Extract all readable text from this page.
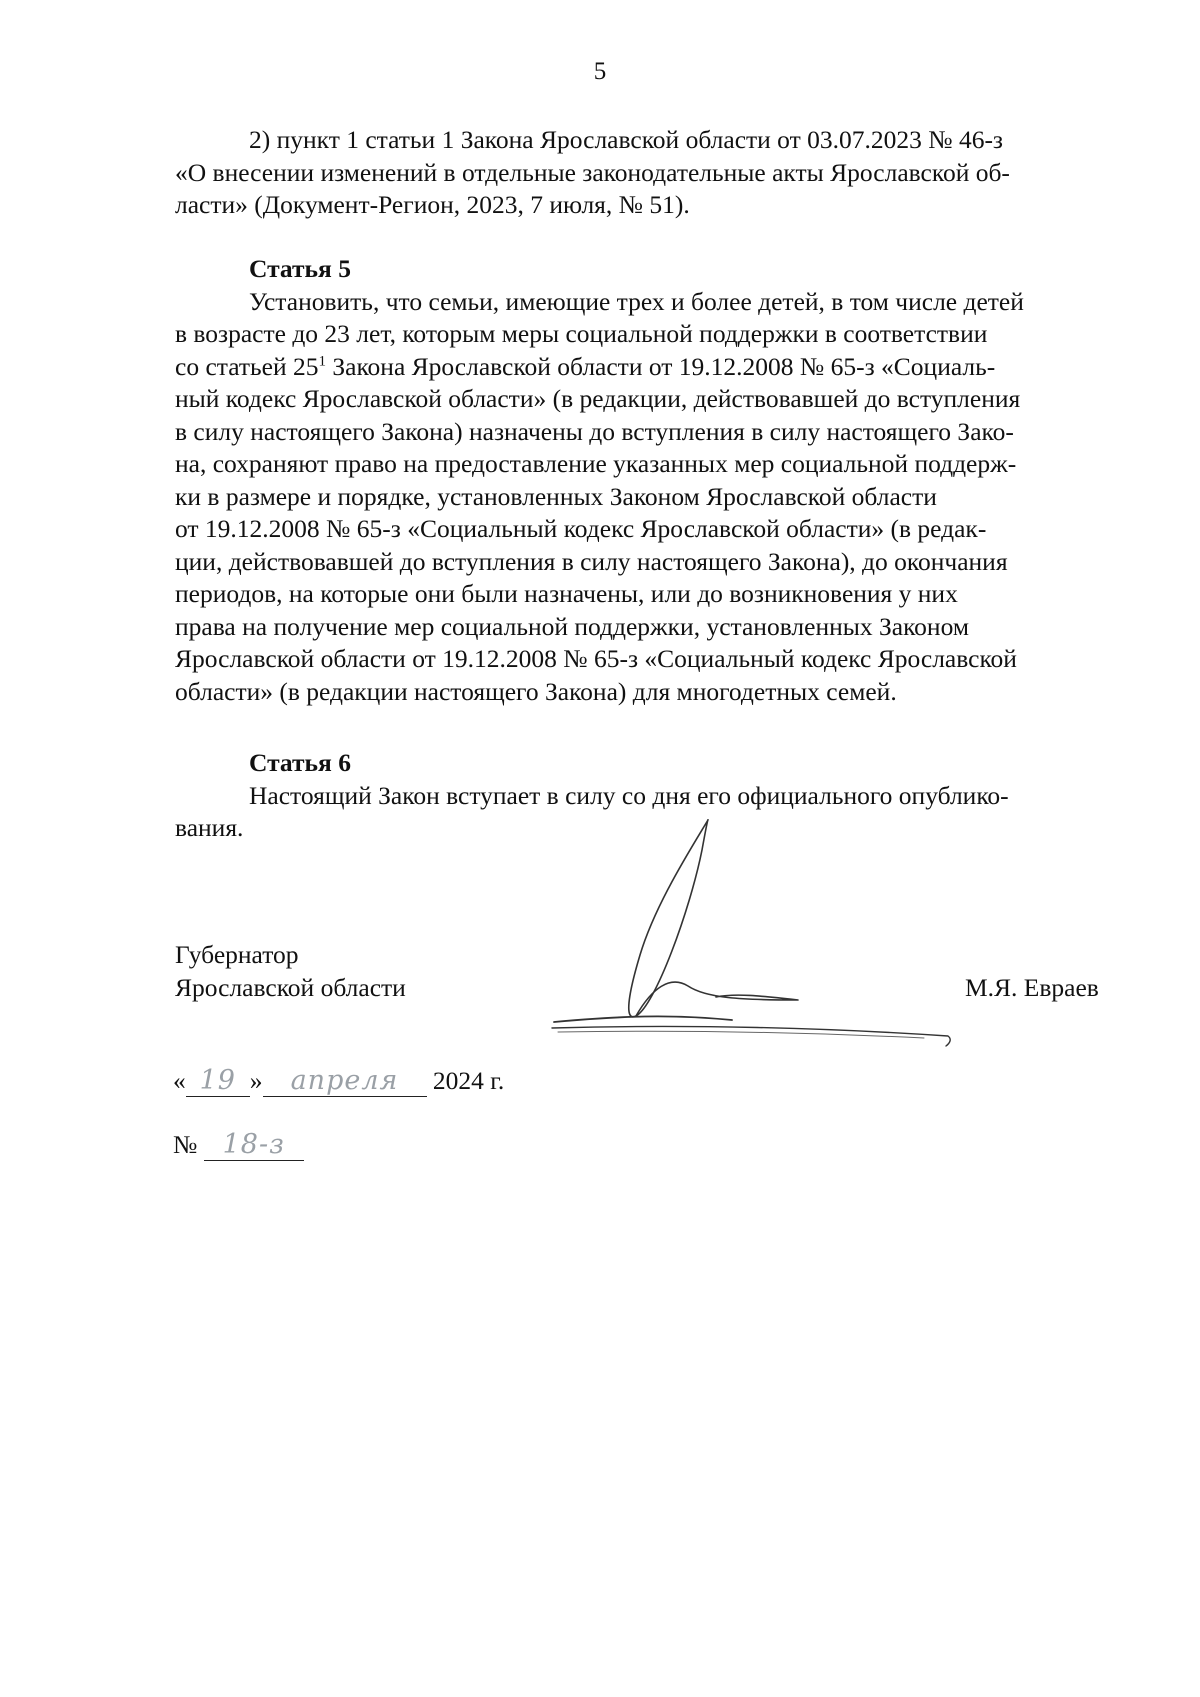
5
2) пункт 1 статьи 1 Закона Ярославской области от 03.07.2023 № 46-з
«О внесении изменений в отдельные законодательные акты Ярославской об-
ласти» (Документ-Регион, 2023, 7 июля, № 51).
Статья 5
Установить, что семьи, имеющие трех и более детей, в том числе детей
в возрасте до 23 лет, которым меры социальной поддержки в соответствии
со статьей $25^1$ Закона Ярославской области от 19.12.2008 № 65-з «Социаль-
ный кодекс Ярославской области» (в редакции, действовавшей до вступления
в силу настоящего Закона) назначены до вступления в силу настоящего Зако-
на, сохраняют право на предоставление указанных мер социальной поддерж-
ки в размере и порядке, установленных Законом Ярославской области
от 19.12.2008 № 65-з «Социальный кодекс Ярославской области» (в редак-
ции, действовавшей до вступления в силу настоящего Закона), до окончания
периодов, на которые они были назначены, или до возникновения у них
права на получение мер социальной поддержки, установленных Законом
Ярославской области от 19.12.2008 № 65-з «Социальный кодекс Ярославской
области» (в редакции настоящего Закона) для многодетных семей.
Статья 6
Настоящий Закон вступает в силу со дня его официального опублико-
вания.
Губернатор
Ярославской области	М.Я. Евраев
« 19 » апреля 2024 г.
№ 18-з
